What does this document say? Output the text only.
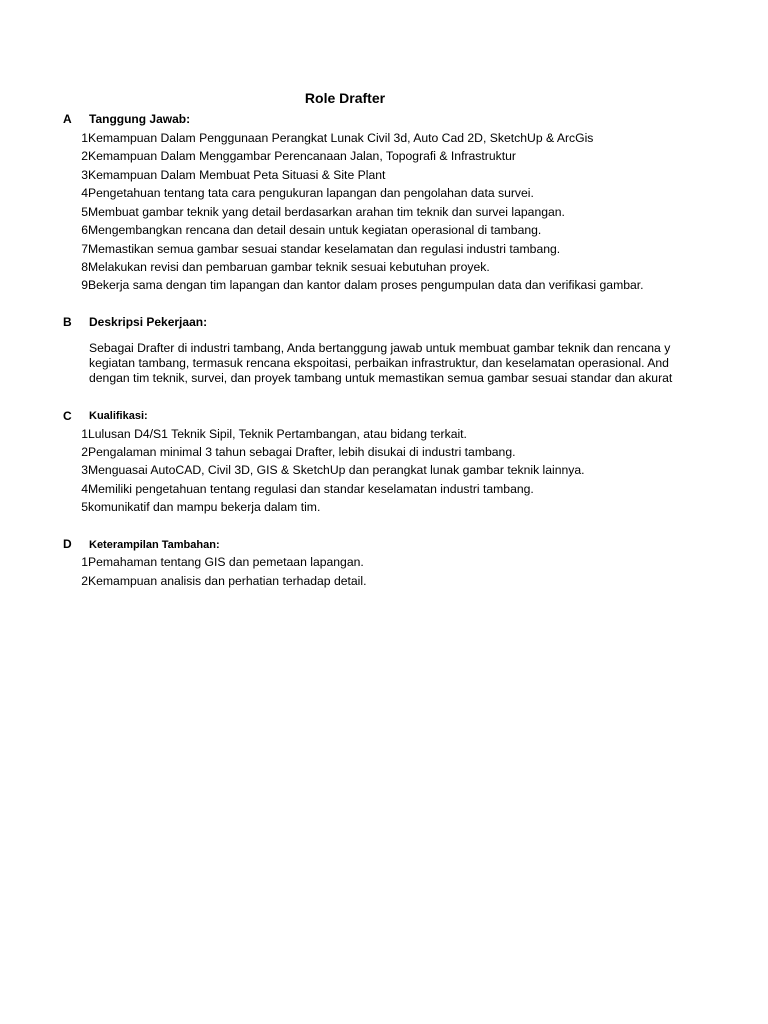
Role Drafter
A Tanggung Jawab:
1Kemampuan Dalam Penggunaan Perangkat Lunak Civil 3d, Auto Cad 2D, SketchUp & ArcGis
2Kemampuan Dalam Menggambar Perencanaan Jalan, Topografi & Infrastruktur
3Kemampuan Dalam Membuat Peta Situasi & Site Plant
4Pengetahuan tentang tata cara pengukuran lapangan dan pengolahan data survei.
5Membuat gambar teknik yang detail berdasarkan arahan tim teknik dan survei lapangan.
6Mengembangkan rencana dan detail desain untuk kegiatan operasional di tambang.
7Memastikan semua gambar sesuai standar keselamatan dan regulasi industri tambang.
8Melakukan revisi dan pembaruan gambar teknik sesuai kebutuhan proyek.
9Bekerja sama dengan tim lapangan dan kantor dalam proses pengumpulan data dan verifikasi gambar.
B Deskripsi Pekerjaan:
Sebagai Drafter di industri tambang, Anda bertanggung jawab untuk membuat gambar teknik dan rencana y
kegiatan tambang, termasuk rencana ekspoitasi, perbaikan infrastruktur, dan keselamatan operasional. And
dengan tim teknik, survei, dan proyek tambang untuk memastikan semua gambar sesuai standar dan akurat
C Kualifikasi:
1Lulusan D4/S1 Teknik Sipil, Teknik Pertambangan, atau bidang terkait.
2Pengalaman minimal 3 tahun sebagai Drafter, lebih disukai di industri tambang.
3Menguasai AutoCAD, Civil 3D, GIS & SketchUp dan perangkat lunak gambar teknik lainnya.
4Memiliki pengetahuan tentang regulasi dan standar keselamatan industri tambang.
5komunikatif dan mampu bekerja dalam tim.
D Keterampilan Tambahan:
1Pemahaman tentang GIS dan pemetaan lapangan.
2Kemampuan analisis dan perhatian terhadap detail.
